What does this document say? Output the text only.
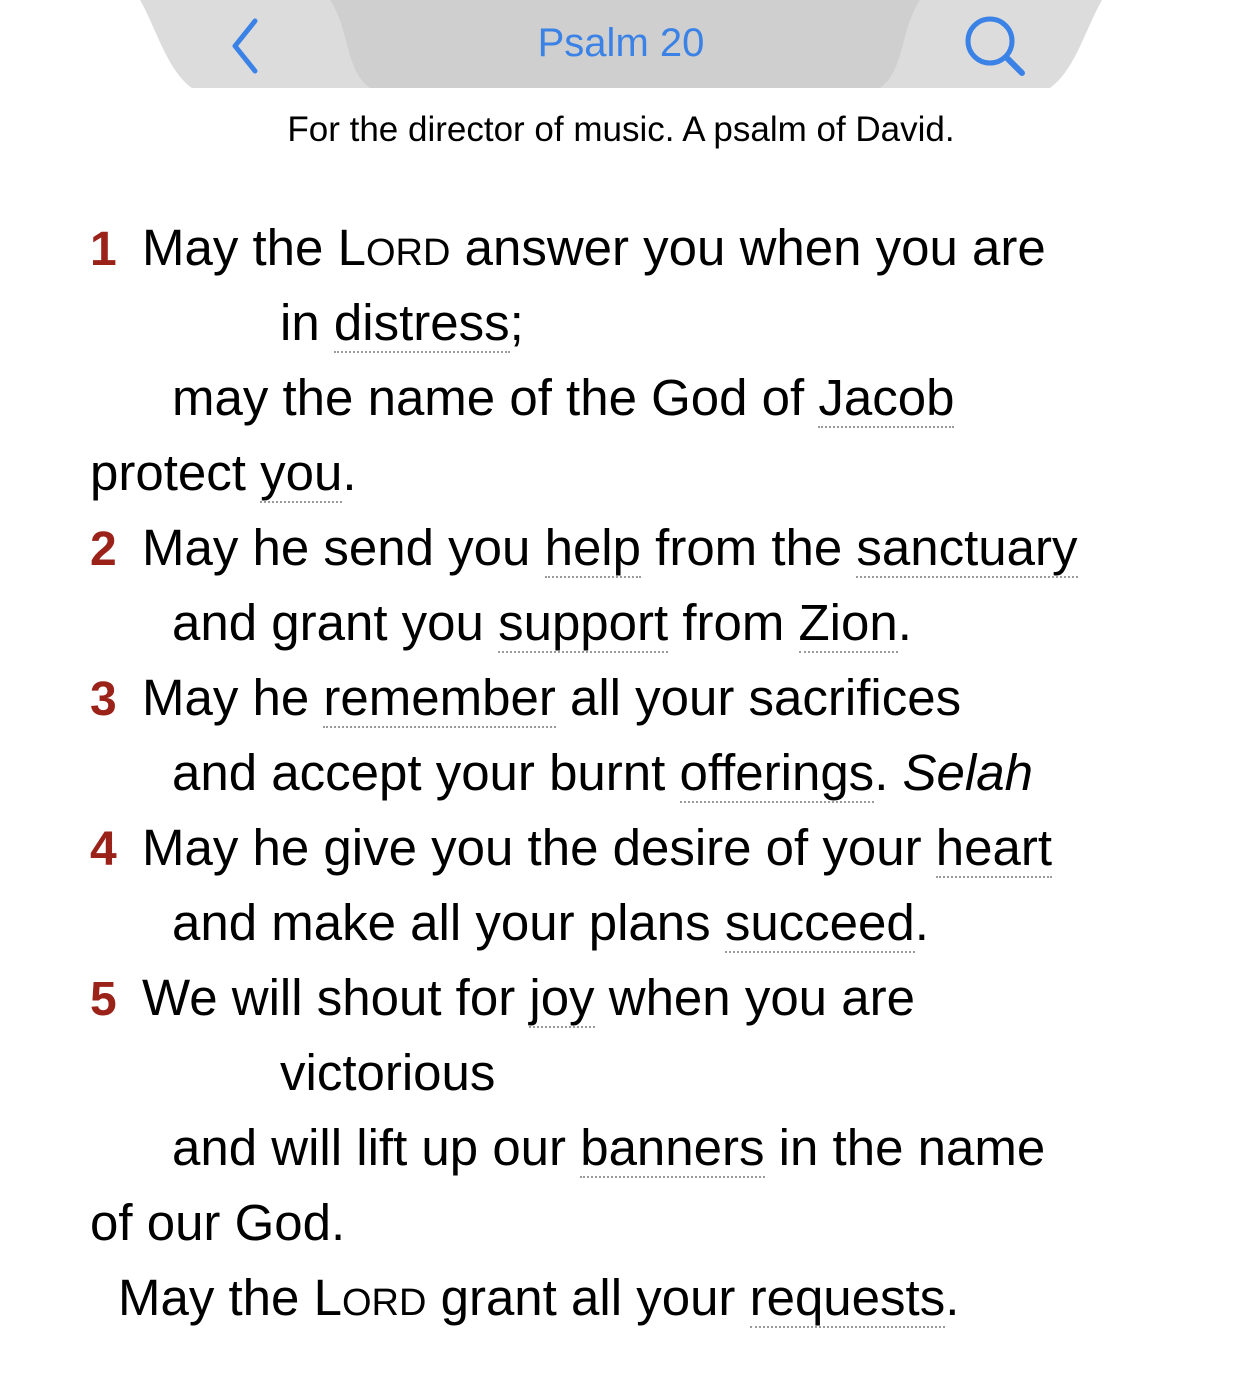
Psalm 20
For the director of music. A psalm of David.
1 May the LORD answer you when you are
in distress;
may the name of the God of Jacob
protect you.
2 May he send you help from the sanctuary
and grant you support from Zion.
3 May he remember all your sacrifices
and accept your burnt offerings. Selah
4 May he give you the desire of your heart
and make all your plans succeed.
5 We will shout for joy when you are
victorious
and will lift up our banners in the name
of our God.
May the LORD grant all your requests.
